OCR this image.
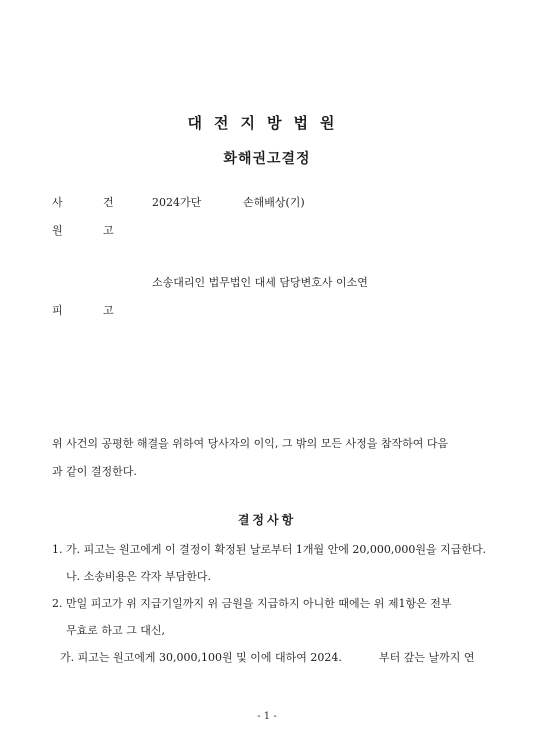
대전지방법원
화해권고결정
사	건	2024가단	손해배상(기)
원	고
소송대리인 법무법인 대세 담당변호사 이소연
피	고
위 사건의 공평한 해결을 위하여 당사자의 이익, 그 밖의 모든 사정을 참작하여 다음
과 같이 결정한다.
결정사항
1. 가. 피고는 원고에게 이 결정이 확정된 날로부터 1개월 안에 20,000,000원을 지급한다.
나. 소송비용은 각자 부담한다.
2. 만일 피고가 위 지급기일까지 위 금원을 지급하지 아니한 때에는 위 제1항은 전부
무효로 하고 그 대신,
가. 피고는 원고에게 30,000,100원 및 이에 대하여 2024.	부터 갚는 날까지 연
- 1 -
